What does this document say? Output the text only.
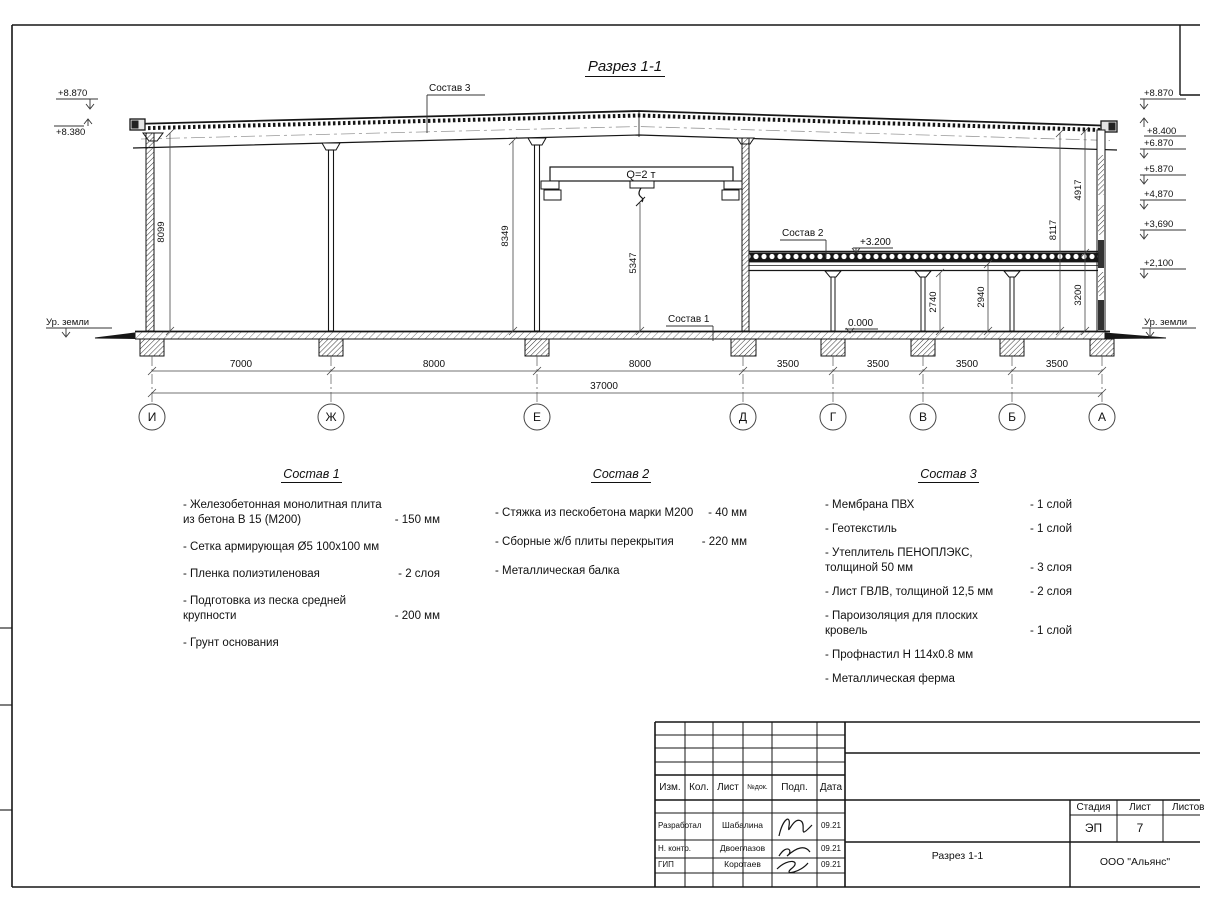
8099	8349
5347
2740	2940	3200
8117
4917
7000	8000	8000	3500	3500	3500	3500
37000
И	Ж	Е	Д	Г	В	Б	А
+8.870
+8.380
Ур. земли
+8.870
+8.400
+6.870
+5.870
+4,870
+3,690
+2,100
Ур. земли
+3.200
0.000
Состав 3
Состав 2
Состав 1
Q=2 т
Разрез 1-1
Состав 1
- Железобетонная монолитная плита
из бетона В 15 (М200)	- 150 мм
- Сетка армирующая Ø5 100x100 мм
- Пленка полиэтиленовая	- 2 слоя
- Подготовка из песка средней
крупности	- 200 мм
- Грунт основания
Состав 2
- Стяжка из пескобетона марки М200 - 40 мм
- Сборные ж/б плиты перекрытия - 220 мм
- Металлическая балка
Состав 3
- Мембрана ПВХ	- 1 слой
- Геотекстиль	- 1 слой
- Утеплитель ПЕНОПЛЭКС,
толщиной 50 мм	- 3 слоя
- Лист ГВЛВ, толщиной 12,5 мм	- 2 слоя
- Пароизоляция для плоских кровель	- 1 слой
- Профнастил Н 114x0.8 мм
- Металлическая ферма
Изм. Кол. Лист	№док.	Подп.	Дата
Разработал	Шабалина	09.21
Н. контр.	Двоеглазов	09.21
ГИП	Коротаев	09.21
Стадия	Лист	Листов
ЭП	7
Разрез 1-1	ООО "Альянс"
